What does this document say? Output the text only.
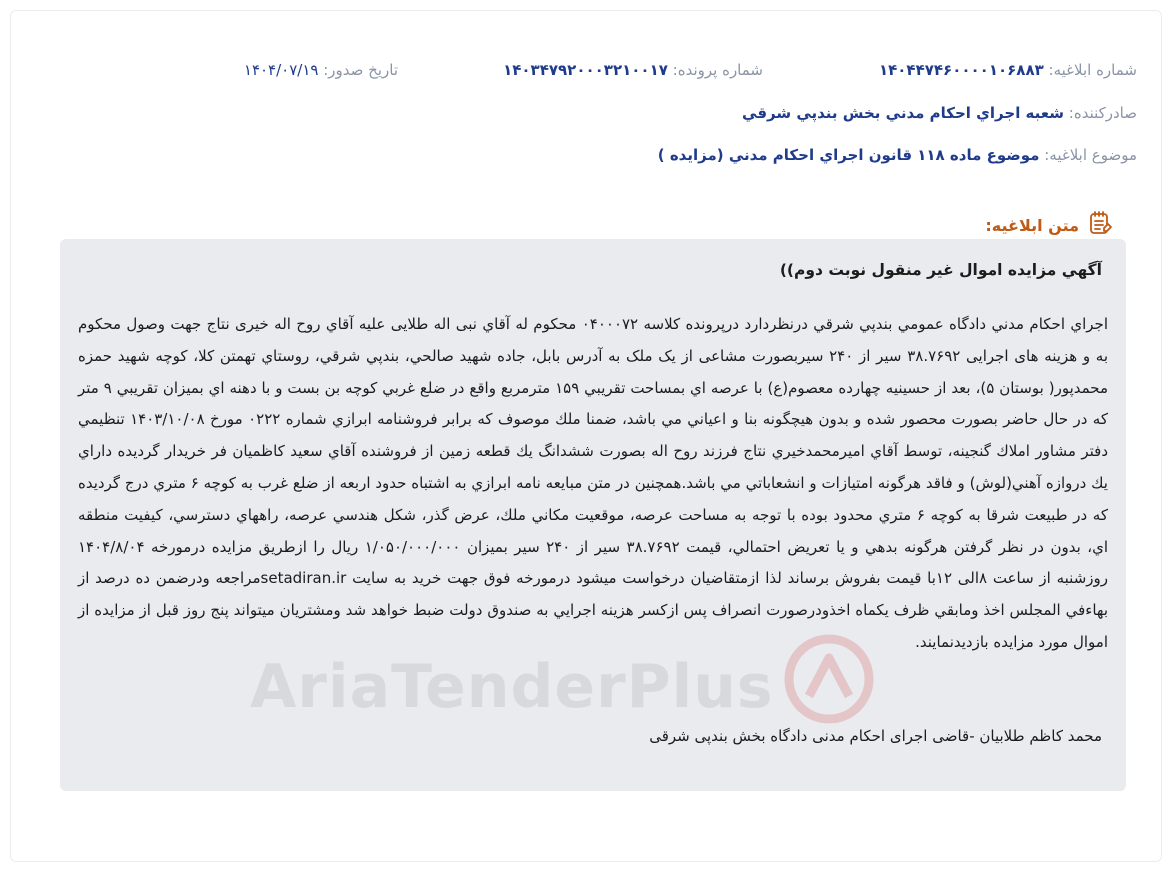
شماره ابلاغيه: ۱۴۰۴۴۷۴۶۰۰۰۰۱۰۶۸۸۳
شماره پرونده: ۱۴۰۳۴۷۹۲۰۰۰۳۲۱۰۰۱۷
تاريخ صدور: ۱۴۰۴/۰۷/۱۹
صادرکننده: شعبه اجراي احكام مدني بخش بندپي شرقي
موضوع ابلاغيه: موضوع ماده ۱۱۸ قانون اجراي احكام مدني (مزايده )
متن ابلاغيه:
AriaTenderPlus
آگهي مزايده اموال غير منقول نوبت دوم))
اجراي احكام مدني دادگاه عمومي بندپي شرقي درنظردارد درپرونده كلاسه ۰۴۰۰۰۷۲ محکوم له آقاي نبی اله طلايی عليه آقاي روح اله خيری نتاج جهت وصول محکوم به و هزينه های اجرايی ۳۸.۷۶۹۲ سير از ۲۴۰ سيربصورت مشاعی از يک ملک به آدرس بابل، جاده شهيد صالحي، بندپي شرقي، روستاي تهمتن كلا، كوچه شهيد حمزه محمدپور( بوستان ۵)، بعد از حسينيه چهارده معصوم(ع) با عرصه اي بمساحت تقريبي ۱۵۹ مترمربع واقع در ضلع غربي كوچه بن بست و با دهنه اي بميزان تقريبي ۹ متر كه در حال حاضر بصورت محصور شده و بدون هيچگونه بنا و اعياني مي باشد، ضمنا ملك موصوف كه برابر فروشنامه ابرازي شماره ۰۲۲۲ مورخ ۱۴۰۳/۱۰/۰۸ تنظيمي دفتر مشاور املاك گنجينه، توسط آقاي اميرمحمدخيري نتاج فرزند روح اله بصورت ششدانگ يك قطعه زمين از فروشنده آقاي سعيد كاظميان فر خريدار گرديده داراي يك دروازه آهني(لوش) و فاقد هرگونه امتيازات و انشعاباتي مي باشد.همچنين در متن مبايعه نامه ابرازي به اشتباه حدود اربعه از ضلع غرب به كوچه ۶ متري درج گرديده كه در طبيعت شرقا به كوچه ۶ متري محدود بوده با توجه به مساحت عرصه، موقعيت مكاني ملك، عرض گذر، شكل هندسي عرصه، راههاي دسترسي، كيفيت منطقه اي، بدون در نظر گرفتن هرگونه بدهي و يا تعريض احتمالي، قيمت ۳۸.۷۶۹۲ سير از ۲۴۰ سير بميزان ۱/۰۵۰/۰۰۰/۰۰۰ ريال را ازطريق مزايده درمورخه ۱۴۰۴/۸/۰۴ روزشنبه از ساعت ۸الی ۱۲با قيمت بفروش برساند لذا ازمتقاضيان درخواست ميشود درمورخه فوق جهت خريد به سايت setadiran.irمراجعه ودرضمن ده درصد از بهاءفي المجلس اخذ ومابقي ظرف يكماه اخذودرصورت انصراف پس ازكسر هزينه اجرايي به صندوق دولت ضبط خواهد شد ومشتريان ميتواند پنج روز قبل از مزايده از اموال مورد مزايده بازديدنمايند.
محمد كاظم طلابيان -قاضی اجرای احکام مدنی دادگاه بخش بندپی شرقی
